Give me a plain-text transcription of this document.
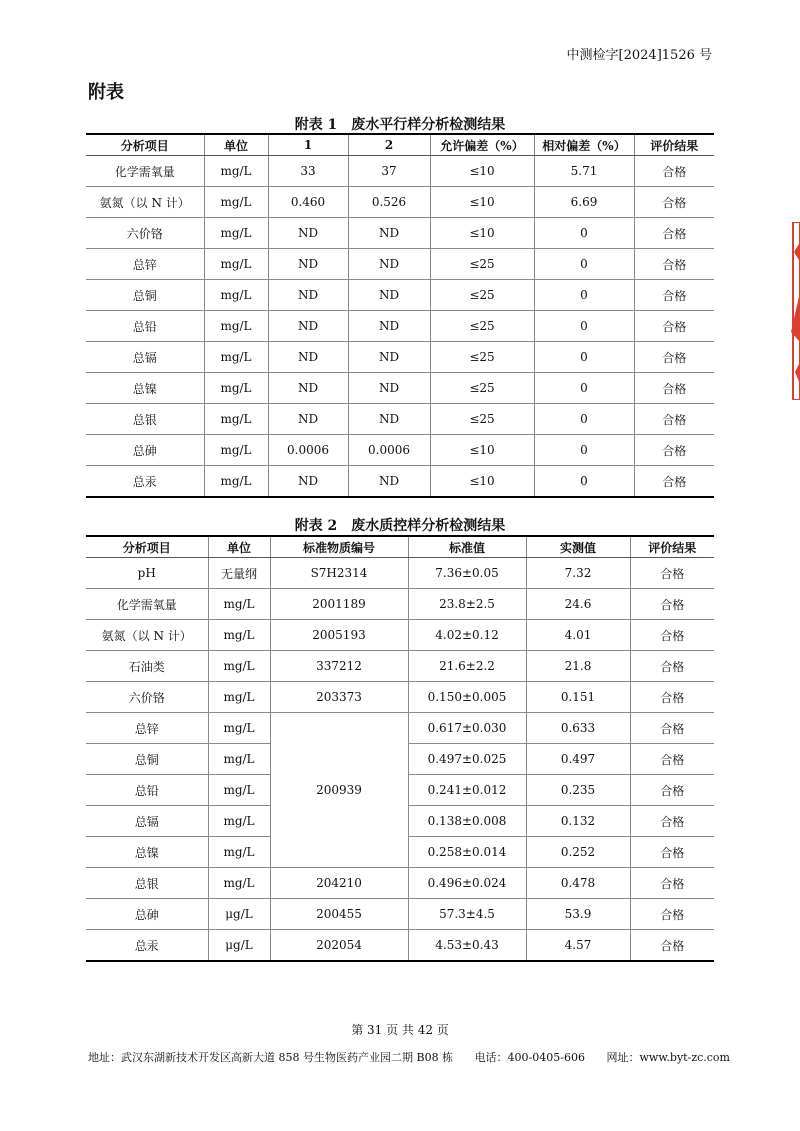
中测检字[2024]1526 号
附表
附表 1　废水平行样分析检测结果
分析项目	单位	1	2	允许偏差（%）	相对偏差（%）	评价结果
化学需氧量	mg/L	33	37	≤10	5.71	合格
氨氮（以 N 计）	mg/L	0.460	0.526	≤10	6.69	合格
六价铬	mg/L	ND	ND	≤10	0	合格
总锌	mg/L	ND	ND	≤25	0	合格
总铜	mg/L	ND	ND	≤25	0	合格
总铅	mg/L	ND	ND	≤25	0	合格
总镉	mg/L	ND	ND	≤25	0	合格
总镍	mg/L	ND	ND	≤25	0	合格
总银	mg/L	ND	ND	≤25	0	合格
总砷	mg/L	0.0006	0.0006	≤10	0	合格
总汞	mg/L	ND	ND	≤10	0	合格
附表 2　废水质控样分析检测结果
分析项目	单位	标准物质编号	标准值	实测值	评价结果
pH	无量纲	S7H2314	7.36±0.05	7.32	合格
化学需氧量	mg/L	2001189	23.8±2.5	24.6	合格
氨氮（以 N 计）	mg/L	2005193	4.02±0.12	4.01	合格
石油类	mg/L	337212	21.6±2.2	21.8	合格
六价铬	mg/L	203373	0.150±0.005	0.151	合格
总锌	mg/L	200939	0.617±0.030	0.633	合格
总铜	mg/L		0.497±0.025	0.497	合格
总铅	mg/L		0.241±0.012	0.235	合格
总镉	mg/L		0.138±0.008	0.132	合格
总镍	mg/L		0.258±0.014	0.252	合格
总银	mg/L	204210	0.496±0.024	0.478	合格
总砷	μg/L	200455	57.3±4.5	53.9	合格
总汞	μg/L	202054	4.53±0.43	4.57	合格
第 31 页 共 42 页
地址：武汉东湖新技术开发区高新大道 858 号生物医药产业园二期 B08 栋 电话：400-0405-606 网址：www.byt-zc.com
